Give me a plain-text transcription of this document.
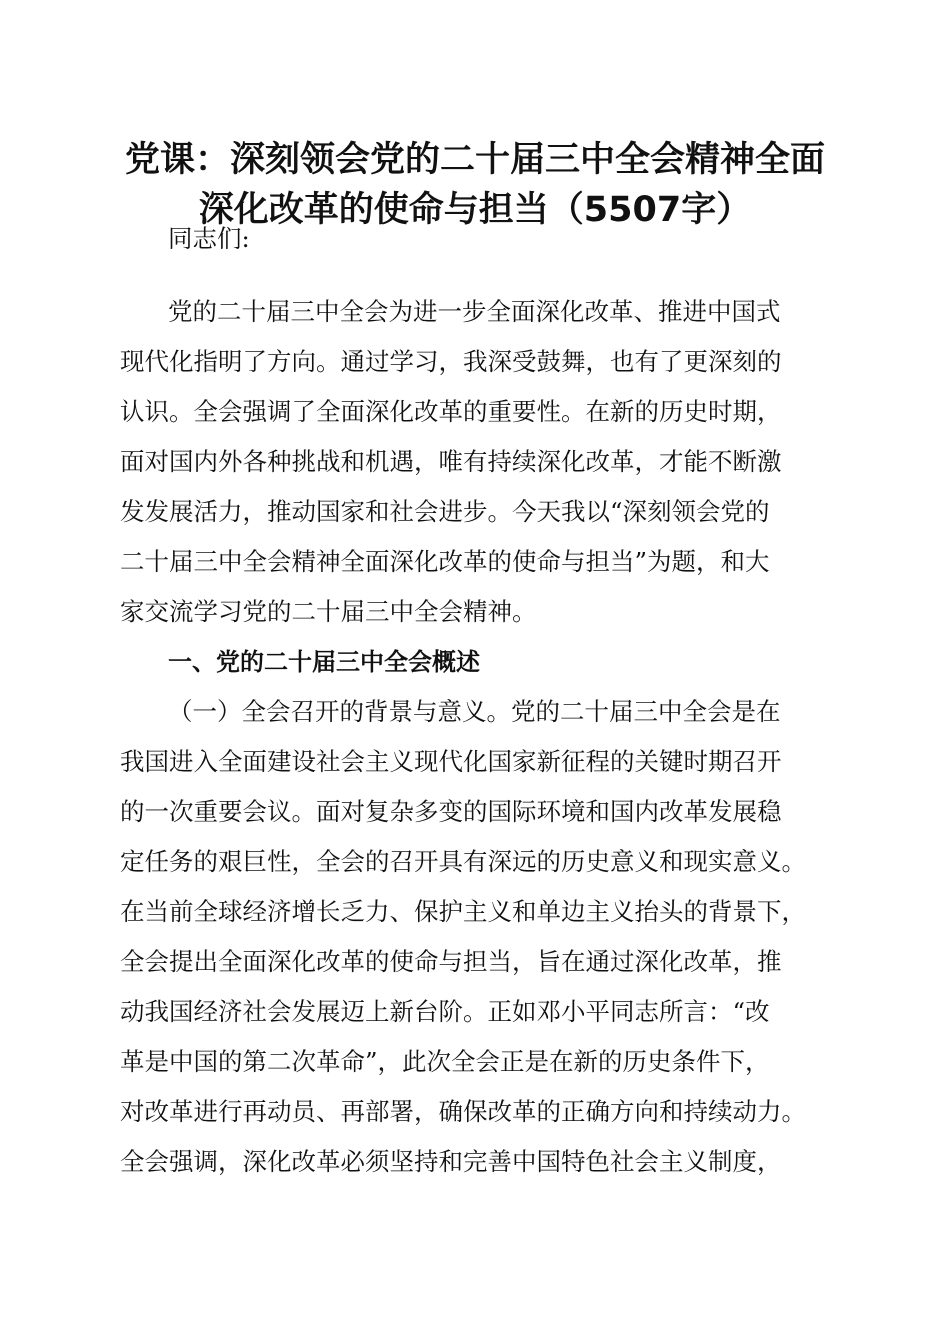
党课：深刻领会党的二十届三中全会精神全面
深化改革的使命与担当（5507字）
同志们:
党的二十届三中全会为进一步全面深化改革、推进中国式
现代化指明了方向。通过学习，我深受鼓舞，也有了更深刻的
认识。全会强调了全面深化改革的重要性。在新的历史时期，
面对国内外各种挑战和机遇，唯有持续深化改革，才能不断激
发发展活力，推动国家和社会进步。今天我以“深刻领会党的
二十届三中全会精神全面深化改革的使命与担当”为题，和大
家交流学习党的二十届三中全会精神。
一、党的二十届三中全会概述
（一）全会召开的背景与意义。党的二十届三中全会是在
我国进入全面建设社会主义现代化国家新征程的关键时期召开
的一次重要会议。面对复杂多变的国际环境和国内改革发展稳
定任务的艰巨性，全会的召开具有深远的历史意义和现实意义。
在当前全球经济增长乏力、保护主义和单边主义抬头的背景下，
全会提出全面深化改革的使命与担当，旨在通过深化改革，推
动我国经济社会发展迈上新台阶。正如邓小平同志所言：“改
革是中国的第二次革命”，此次全会正是在新的历史条件下，
对改革进行再动员、再部署，确保改革的正确方向和持续动力。
全会强调，深化改革必须坚持和完善中国特色社会主义制度，
